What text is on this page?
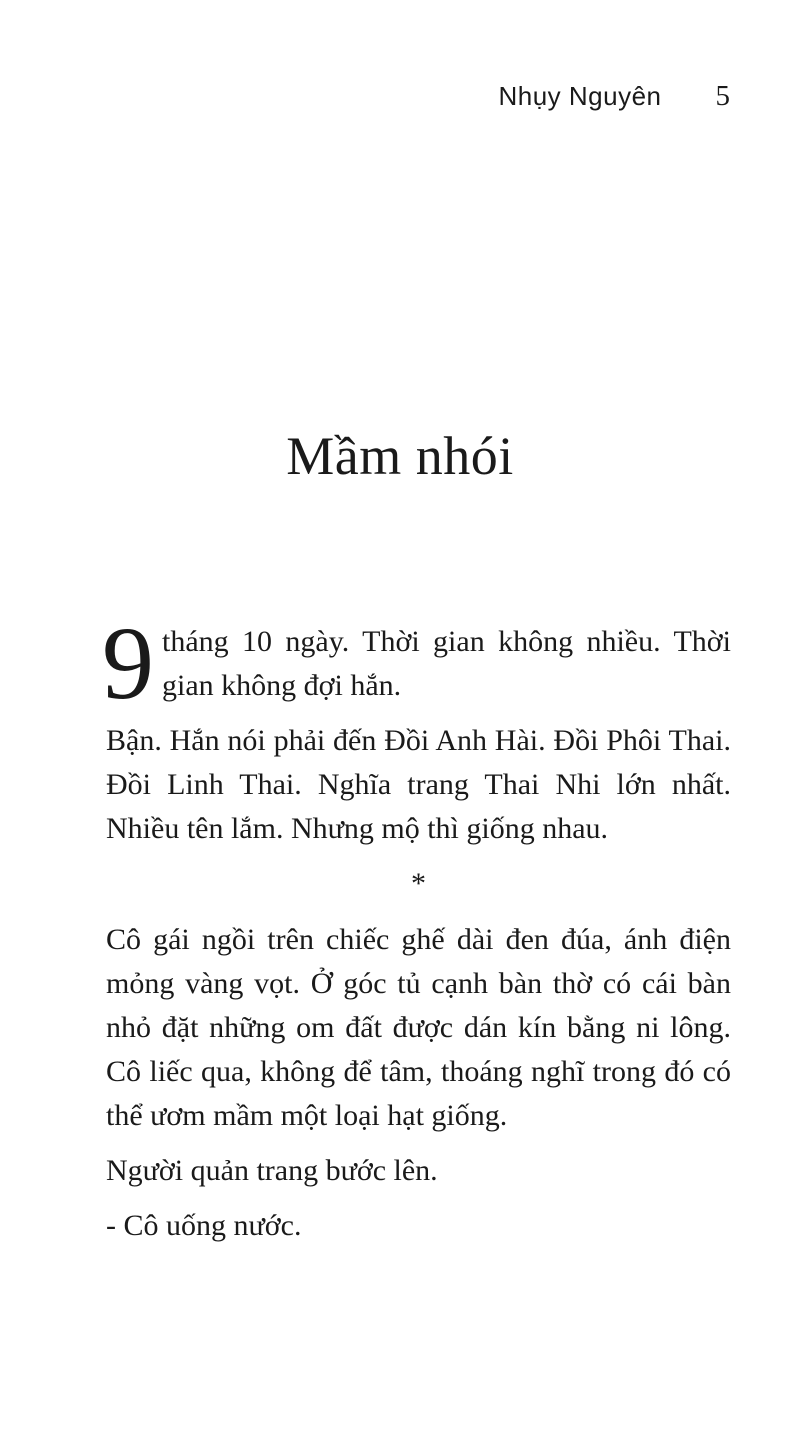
Nhụy Nguyên 5
Mầm nhói

9 tháng 10 ngày. Thời gian không nhiều. Thời gian không đợi hắn.

Bận. Hắn nói phải đến Đồi Anh Hài. Đồi Phôi Thai. Đồi Linh Thai. Nghĩa trang Thai Nhi lớn nhất. Nhiều tên lắm. Nhưng mộ thì giống nhau.

*

Cô gái ngồi trên chiếc ghế dài đen đúa, ánh điện mỏng vàng vọt. Ở góc tủ cạnh bàn thờ có cái bàn nhỏ đặt những om đất được dán kín bằng ni lông. Cô liếc qua, không để tâm, thoáng nghĩ trong đó có thể ươm mầm một loại hạt giống.

Người quản trang bước lên.

- Cô uống nước.
